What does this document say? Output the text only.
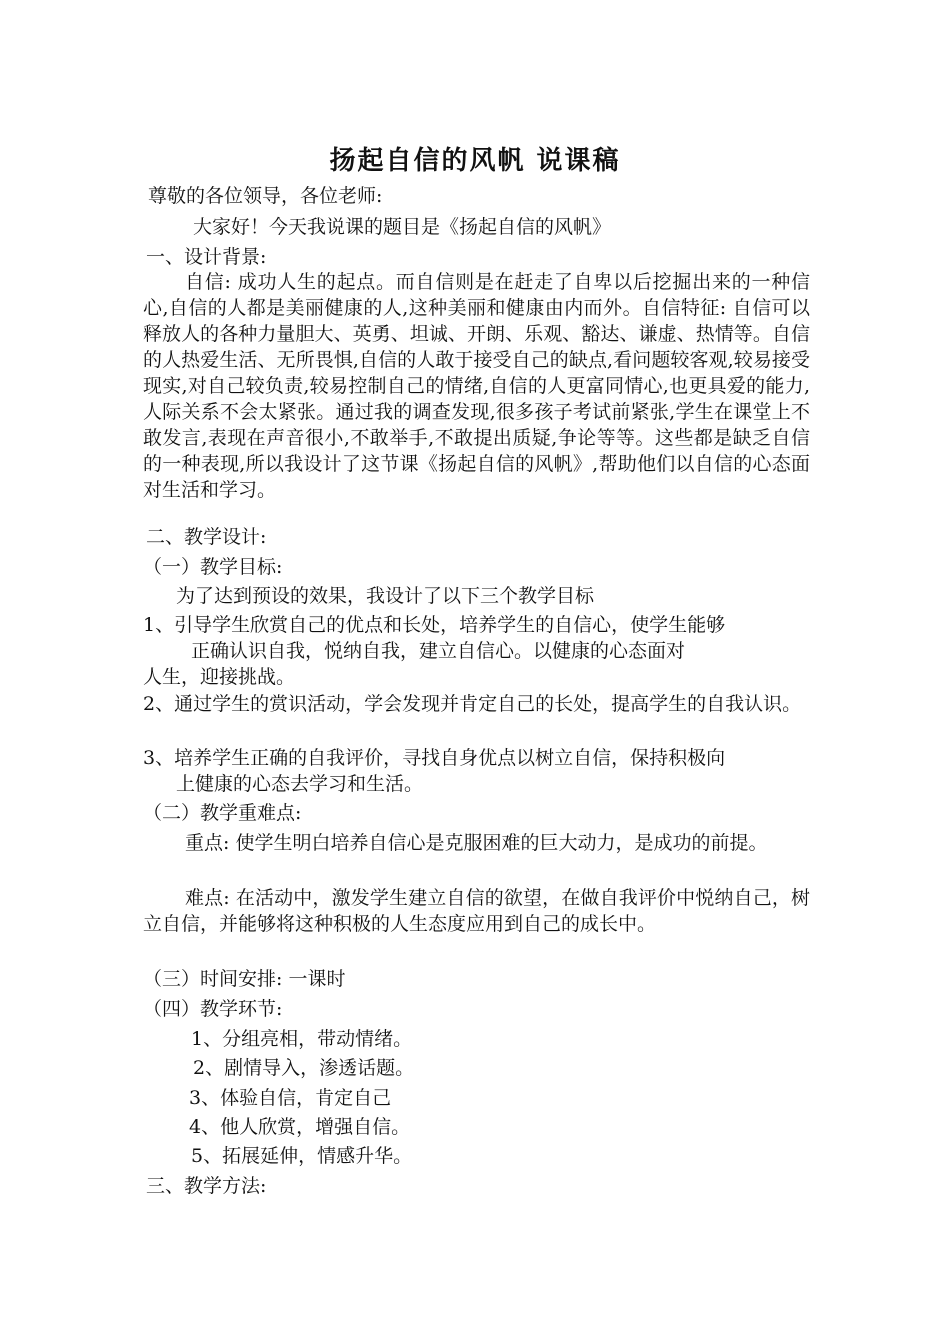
扬起自信的风帆 说课稿
尊敬的各位领导，各位老师:
大家好！今天我说课的题目是《扬起自信的风帆》
一、设计背景:
自信: 成功人生的起点。而自信则是在赶走了自卑以后挖掘出来的一种信心,自信的人都是美丽健康的人,这种美丽和健康由内而外。自信特征: 自信可以释放人的各种力量胆大、英勇、坦诚、开朗、乐观、豁达、谦虚、热情等。自信的人热爱生活、无所畏惧,自信的人敢于接受自己的缺点,看问题较客观,较易接受现实,对自己较负责,较易控制自己的情绪,自信的人更富同情心,也更具爱的能力,人际关系不会太紧张。通过我的调查发现,很多孩子考试前紧张,学生在课堂上不敢发言,表现在声音很小,不敢举手,不敢提出质疑,争论等等。这些都是缺乏自信的一种表现,所以我设计了这节课《扬起自信的风帆》,帮助他们以自信的心态面对生活和学习。
二、教学设计:
（一）教学目标:
为了达到预设的效果，我设计了以下三个教学目标
1、引导学生欣赏自己的优点和长处，培养学生的自信心，使学生能够
正确认识自我，悦纳自我，建立自信心。以健康的心态面对
人生，迎接挑战。
2、通过学生的赏识活动，学会发现并肯定自己的长处，提高学生的自我认识。
3、培养学生正确的自我评价，寻找自身优点以树立自信，保持积极向
上健康的心态去学习和生活。
（二）教学重难点:
重点: 使学生明白培养自信心是克服困难的巨大动力，是成功的前提。
难点: 在活动中，激发学生建立自信的欲望，在做自我评价中悦纳自己，树立自信，并能够将这种积极的人生态度应用到自己的成长中。
（三）时间安排: 一课时
（四）教学环节:
1、分组亮相，带动情绪。
2、剧情导入，渗透话题。
3、体验自信，肯定自己
4、他人欣赏，增强自信。
5、拓展延伸，情感升华。
三、教学方法:
